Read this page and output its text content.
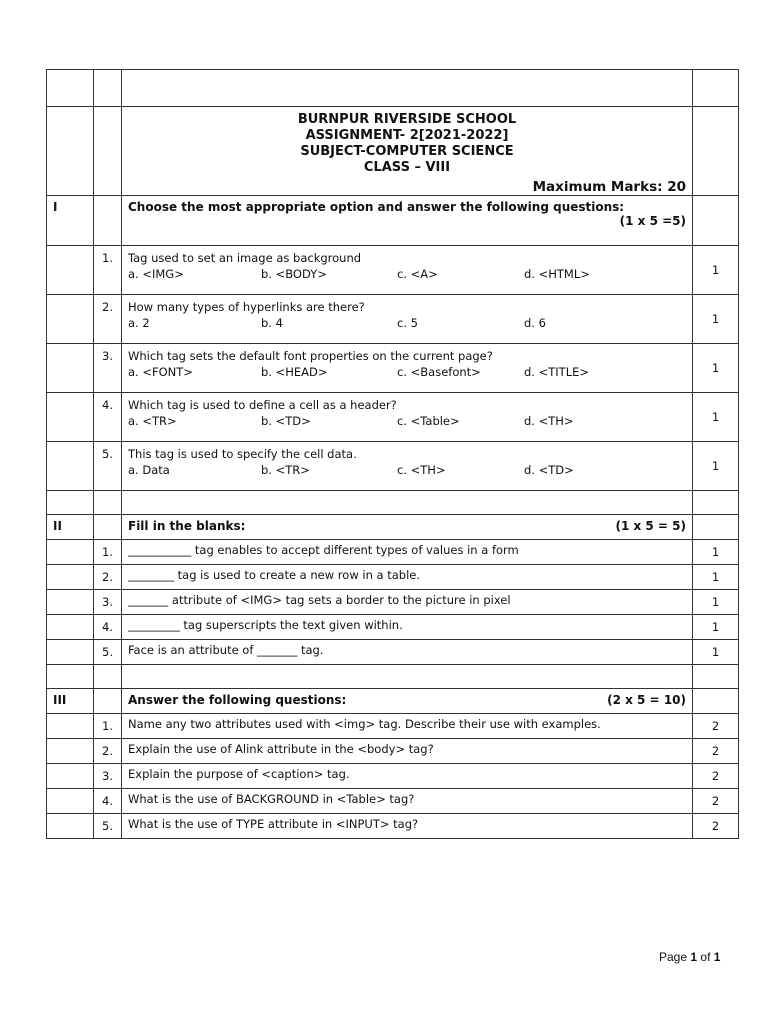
		BURNPUR RIVERSIDE SCHOOL
ASSIGNMENT- 2[2021-2022]
SUBJECT-COMPUTER SCIENCE
CLASS – VIII
Maximum Marks: 20	

I		Choose the most appropriate option and answer the following questions:
(1 x 5 =5)	

	1.	Tag used to set an image as background
a. <IMG> b. <BODY> c. <A> d. <HTML>	1
	2.	How many types of hyperlinks are there?
a. 2 b. 4 c. 5 d. 6	1
	3.	Which tag sets the default font properties on the current page?
a. <FONT> b. <HEAD> c. <Basefont> d. <TITLE>	1
	4.	Which tag is used to define a cell as a header?
a. <TR> b. <TD> c. <Table> d. <TH>	1
	5.	This tag is used to specify the cell data.
a. Data b. <TR> c. <TH> d. <TD>	1

II		Fill in the blanks: (1 x 5 = 5)	

	1.	___________ tag enables to accept different types of values in a form	1
	2.	________ tag is used to create a new row in a table.	1
	3.	_______ attribute of <IMG> tag sets a border to the picture in pixel	1
	4.	_________ tag superscripts the text given within.	1
	5.	Face is an attribute of _______ tag.	1

III		Answer the following questions: (2 x 5 = 10)	

	1.	Name any two attributes used with <img> tag. Describe their use with examples.	2
	2.	Explain the use of Alink attribute in the <body> tag?	2
	3.	Explain the purpose of <caption> tag.	2
	4.	What is the use of BACKGROUND in <Table> tag?	2
	5.	What is the use of TYPE attribute in <INPUT> tag?	2
Page 1 of 1
